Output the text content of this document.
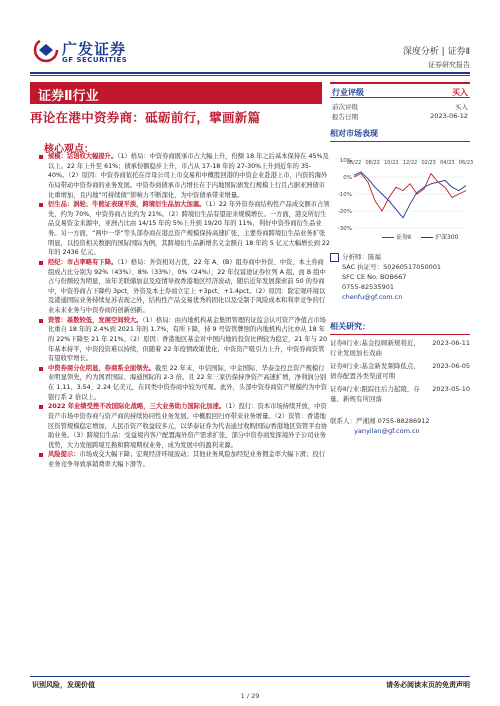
广发证券
GF SECURITIES
深度分析 | 证券Ⅱ
证券研究报告
证券Ⅱ行业
再论在港中资券商：砥砺前行，擘画新篇
核心观点：
规模：话语权大幅提升。（1）格局：中资券商既承市占大幅上升，份额 18 年之后基本保持在 45%及以上。22 年上升至 61%；债承份额稳步上升，市占从 17-18 年的 27-30%上升到近年的 35-40%。（2）原因：中资券商依托在岸母公司上市交易和中概股回港的中资企业赴港上市，内资的海外布局带动中资券商的业务发展。中资券商债承市占增长在于内地国际债发行规模上行且占据亚洲债市比重增加，且内地“可持续债”影响力不断深化，为中资债承带来增量。
衍生品：涡轮、牛熊证表现平淡，跨境衍生品加大加塞。（1）22 年外资券商结构性产品成交额市占领先，约为 70%，中资券商占比约为 21%。（2）跨境衍生品有望迎来规模增长。一方面，港交所衍生品交易资金来源中，亚洲占比由 14/15 年的 5%上升到 19/20 年的 11%，利好中资券商衍生品业务。另一方面，“两中一华”等头部券商在港总资产规模保持高速扩张，主要券商跨境衍生品业务扩张明显，以投资相关数据的国际国际为例，其跨境衍生品新增名义金额自 18 年的 5 亿元大幅增长到 22 年的 2436 亿元。
经纪：市占率略有下降。（1）格局：外资相对占优，22 年 A、(B）组券商中外资、中资、本土券商组成占比分别为 92%（43%）、8%（33%）、0%（24%），22 年仅富途证券位列 A 组，而 B 组中占与份额较为明显，该年美联储加息及疫情导致香港地区经济波动，随后近年发展探索前 50 的券商中，中资券商占下降约 3pct，外资及本土券商立定上 +3pct、+1.4pct。（2）原因：除宏观环境以及港通国际业务持续复苏表现之外，结构性产品交易优秀的固化以及受制于风险成本和利率竞争的行业未来业务与中资券商的创新创新。
资管：基数较低，发展空间较大。（1）格局：由内地机构基金集团管理的证监会认可资产净值占市场比重自 18 年的 2.4%到 2021 年的 1.7%，有所下降，持 9 号资管牌照的内地机构占比亦从 18 年的 22%下降至 21 年 21%。（2）原因：香港地区基金对中国内地的投资比例较为稳定，21 年与 20 年基本持平，中资投资难以持续，但随着 22 年疫情政策优化，中资资产吸引力上升，中资券商资管有望收窄增长。
中资券商分化明显，券商系全面领先。截至 22 年末，中信国际、中金国际、华泰金控总资产规模行业明显领先，约为国君国际、海通国际的 2-3 倍。且 22 年三家仍保持净资产高速扩增，净利润分别在 1.11、3.54、2.24 亿美元，在同类中资券商中较为可观。此外，头部中资券商资产规模约为中资银行系 2 倍以上。
2022 年业绩受挫不改国际化战略，三大业务助力国际化加速。（1）投行：资本市场持续开放，中资资产市场中资券商与资产商的持续协同性业务发展。中概股回归亦带来业务增量。（2）资管：香港地区资管规模稳定增加，人民币资产收益较多元，以华泰证券为代表通过收购国际/香港地区资管平台协助业务。（3）跨境衍生品：受益境内客户配置海外资产需求扩张，部分中资券商发挥境外子公司业务优势，大力发展跨境互换和跨境期权业务，成为发展中的盈利来源。
风险提示：市场成交大幅下降；宏观经济环境波动；其他业务风险加经纪业务佣金率大幅下滑；投行业务竞争导致承销费率大幅下滑等。
行业评级	买入
前次评级	买入
报告日期	2023-06-12
相对市场表现
10%
0%
-10%
-20%
-30%
06/22 08/22 10/22 12/22 02/23 04/23 06/23
证券Ⅱ	沪深300
分析师：陈福
SAC 执证号：S0260517050001
SFC CE No. BOB667
0755-82535901
chenfu@gf.com.cn
相关研究：
证券Ⅱ行业:基金投顾新规将近，行业发展加长戏曲
2023-06-11
证券Ⅱ行业:基金新发频降低点，债券配置各类渠道可期
2023-06-05
证券Ⅱ行业:跟踪往后力起陵，存量、新规有所回落
2023-05-10
联系人：严湘湘 0755-88286912
yanyilan@gf.com.cn
识别风险，发现价值	请务必阅读末页的免责声明
1 / 29
